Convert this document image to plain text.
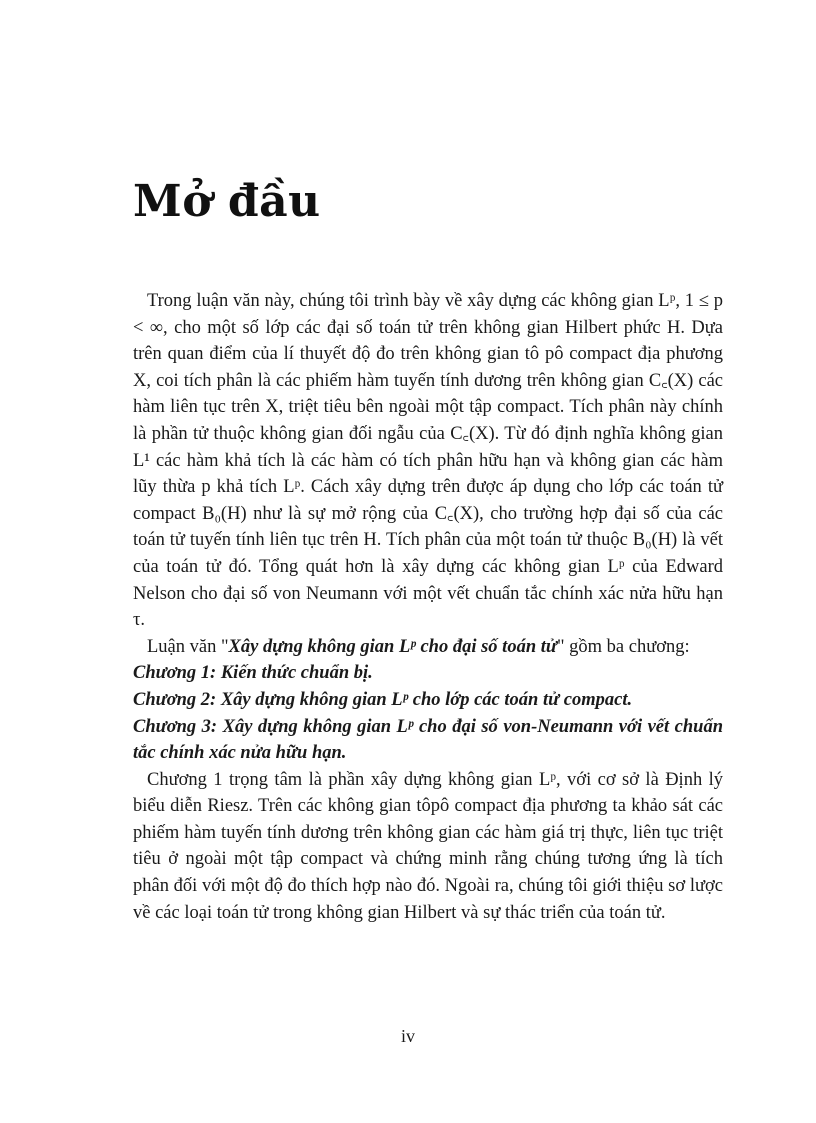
Mở đầu

Trong luận văn này, chúng tôi trình bày về xây dựng các không gian Lᵖ, 1 ≤ p < ∞, cho một số lớp các đại số toán tử trên không gian Hilbert phức H. Dựa trên quan điểm của lí thuyết độ đo trên không gian tô pô compact địa phương X, coi tích phân là các phiếm hàm tuyến tính dương trên không gian C꜀(X) các hàm liên tục trên X, triệt tiêu bên ngoài một tập compact. Tích phân này chính là phần tử thuộc không gian đối ngẫu của C꜀(X). Từ đó định nghĩa không gian L¹ các hàm khả tích là các hàm có tích phân hữu hạn và không gian các hàm lũy thừa p khả tích Lᵖ. Cách xây dựng trên được áp dụng cho lớp các toán tử compact B₀(H) như là sự mở rộng của C꜀(X), cho trường hợp đại số của các toán tử tuyến tính liên tục trên H. Tích phân của một toán tử thuộc B₀(H) là vết của toán tử đó. Tổng quát hơn là xây dựng các không gian Lᵖ của Edward Nelson cho đại số von Neumann với một vết chuẩn tắc chính xác nửa hữu hạn τ.

Luận văn "Xây dựng không gian Lᵖ cho đại số toán tử" gồm ba chương:

Chương 1: Kiến thức chuẩn bị.

Chương 2: Xây dựng không gian Lᵖ cho lớp các toán tử compact.

Chương 3: Xây dựng không gian Lᵖ cho đại số von-Neumann với vết chuẩn tắc chính xác nửa hữu hạn.

Chương 1 trọng tâm là phần xây dựng không gian Lᵖ, với cơ sở là Định lý biểu diễn Riesz. Trên các không gian tôpô compact địa phương ta khảo sát các phiếm hàm tuyến tính dương trên không gian các hàm giá trị thực, liên tục triệt tiêu ở ngoài một tập compact và chứng minh rằng chúng tương ứng là tích phân đối với một độ đo thích hợp nào đó. Ngoài ra, chúng tôi giới thiệu sơ lược về các loại toán tử trong không gian Hilbert và sự thác triển của toán tử.

iv
